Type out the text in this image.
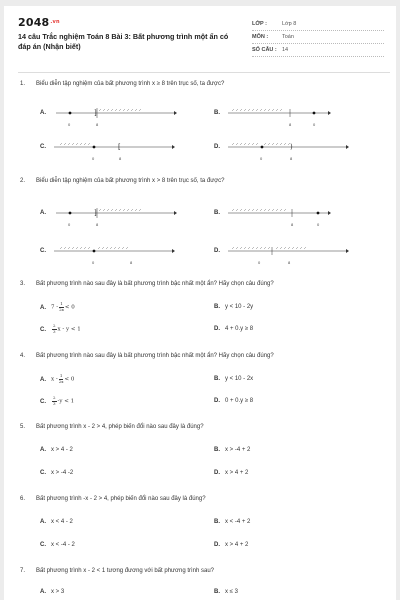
$2048^{.vn}$
14 câu Trắc nghiệm Toán 8 Bài 3: Bất phương trình một ẩn có đáp án (Nhận biết)
LỚP :	Lớp 8
MÔN :	Toán
SỐ CÂU : 14
1. Biểu diễn tập nghiệm của bất phương trình x ≥ 8 trên trục số, ta được?
A.	]
0	8
B.
8	0
C.	[
0	8
D.	)
0	8
2. Biểu diễn tập nghiệm của bất phương trình x > 8 trên trục số, ta được?
A.	]
0	8
B.
8	0
C.
0	8
D.
0	8
3. Bất phương trình nào sau đây là bất phương trình bậc nhất một ẩn? Hãy chọn câu đúng?
A. $7 - \frac{1}{2x} < 0$	B. y < 10 - 2y
C. $\frac{2}{3}$ x - y < 1	D. 4 + 0.y ≥ 8
4. Bất phương trình nào sau đây là bất phương trình bậc nhất một ẩn? Hãy chọn câu đúng?
A. $x - \frac{1}{2x} < 0$	B. y < 10 - 2x
C. $\frac{2}{3} -y < 1$	D. 0 + 0.y ≥ 8
5. Bất phương trình x - 2 > 4, phép biến đổi nào sau đây là đúng?
A. x > 4 - 2	B. x > -4 + 2
C. x > -4 -2	D. x > 4 + 2
6. Bất phương trình -x - 2 > 4, phép biến đổi nào sau đây là đúng?
A. x < 4 - 2	B. x < -4 + 2
C. x < -4 - 2	D. x > 4 + 2
7. Bất phương trình x - 2 < 1 tương đương với bất phương trình sau?
A. x > 3	B. x ≤ 3
